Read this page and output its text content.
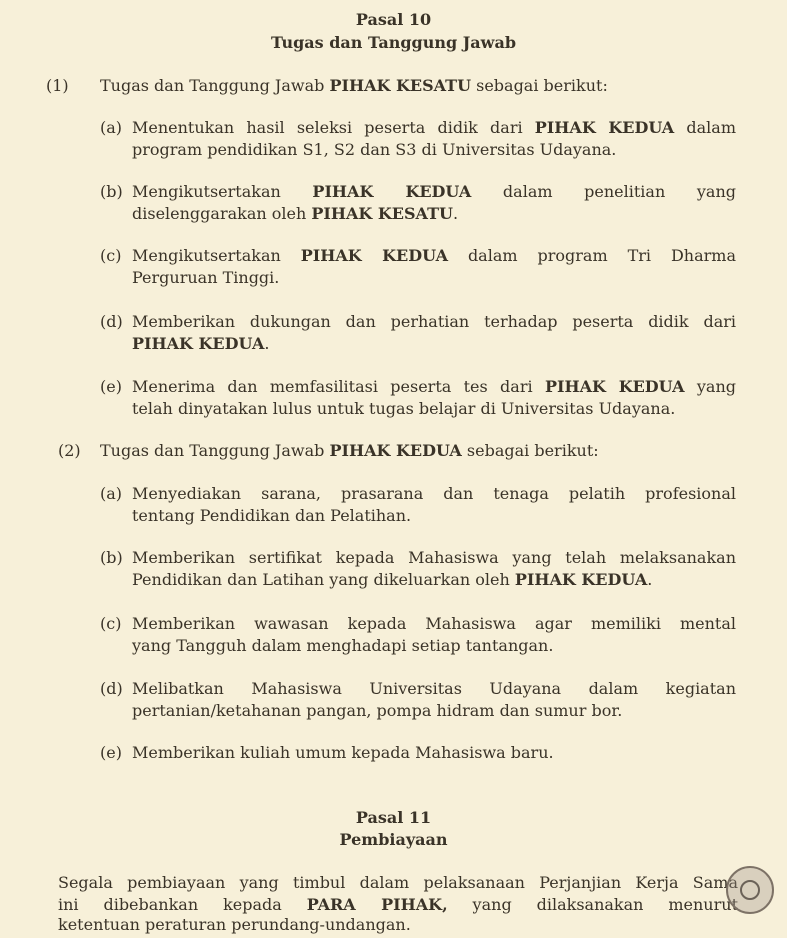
Pasal 10
Tugas dan Tanggung Jawab
(1) Tugas dan Tanggung Jawab PIHAK KESATU sebagai berikut:
(a) Menentukan hasil seleksi peserta didik dari PIHAK KEDUA dalam
program pendidikan S1, S2 dan S3 di Universitas Udayana.
(b) Mengikutsertakan PIHAK KEDUA dalam penelitian yang
diselenggarakan oleh PIHAK KESATU.
(c) Mengikutsertakan PIHAK KEDUA dalam program Tri Dharma
Perguruan Tinggi.
(d) Memberikan dukungan dan perhatian terhadap peserta didik dari
PIHAK KEDUA.
(e) Menerima dan memfasilitasi peserta tes dari PIHAK KEDUA yang
telah dinyatakan lulus untuk tugas belajar di Universitas Udayana.
(2) Tugas dan Tanggung Jawab PIHAK KEDUA sebagai berikut:
(a) Menyediakan sarana, prasarana dan tenaga pelatih profesional
tentang Pendidikan dan Pelatihan.
(b) Memberikan sertifikat kepada Mahasiswa yang telah melaksanakan
Pendidikan dan Latihan yang dikeluarkan oleh PIHAK KEDUA.
(c) Memberikan wawasan kepada Mahasiswa agar memiliki mental
yang Tangguh dalam menghadapi setiap tantangan.
(d) Melibatkan Mahasiswa Universitas Udayana dalam kegiatan
pertanian/ketahanan pangan, pompa hidram dan sumur bor.
(e) Memberikan kuliah umum kepada Mahasiswa baru.
Pasal 11
Pembiayaan
Segala pembiayaan yang timbul dalam pelaksanaan Perjanjian Kerja Sama
ini dibebankan kepada PARA PIHAK, yang dilaksanakan menurut
ketentuan peraturan perundang-undangan.
